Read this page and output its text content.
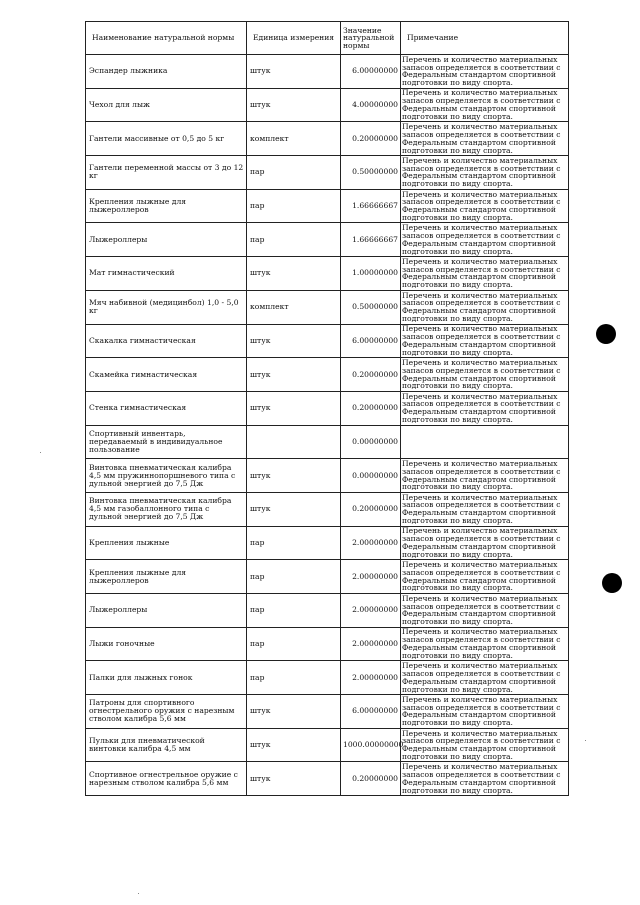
Наименование натуральной нормы	Единица измерения	Значение натуральной нормы	Примечание
Эспандер лыжника	штук	6.00000000	Перечень и количество материальных запасов определяется в соответствии с Федеральным стандартом спортивной подготовки по виду спорта.
Чехол для лыж	штук	4.00000000	Перечень и количество материальных запасов определяется в соответствии с Федеральным стандартом спортивной подготовки по виду спорта.
Гантели массивные от 0,5 до 5 кг	комплект	0.20000000	Перечень и количество материальных запасов определяется в соответствии с Федеральным стандартом спортивной подготовки по виду спорта.
Гантели переменной массы от 3 до 12 кг	пар	0.50000000	Перечень и количество материальных запасов определяется в соответствии с Федеральным стандартом спортивной подготовки по виду спорта.
Крепления лыжные для лыжероллеров	пар	1.66666667	Перечень и количество материальных запасов определяется в соответствии с Федеральным стандартом спортивной подготовки по виду спорта.
Лыжероллеры	пар	1.66666667	Перечень и количество материальных запасов определяется в соответствии с Федеральным стандартом спортивной подготовки по виду спорта.
Мат гимнастический	штук	1.00000000	Перечень и количество материальных запасов определяется в соответствии с Федеральным стандартом спортивной подготовки по виду спорта.
Мяч набивной (медицинбол) 1,0 - 5,0 кг	комплект	0.50000000	Перечень и количество материальных запасов определяется в соответствии с Федеральным стандартом спортивной подготовки по виду спорта.
Скакалка гимнастическая	штук	6.00000000	Перечень и количество материальных запасов определяется в соответствии с Федеральным стандартом спортивной подготовки по виду спорта.
Скамейка гимнастическая	штук	0.20000000	Перечень и количество материальных запасов определяется в соответствии с Федеральным стандартом спортивной подготовки по виду спорта.
Стенка гимнастическая	штук	0.20000000	Перечень и количество материальных запасов определяется в соответствии с Федеральным стандартом спортивной подготовки по виду спорта.
Спортивный инвентарь, передаваемый в индивидуальное пользование		0.00000000	
Винтовка пневматическая калибра 4,5 мм пружиннопоршневого типа с дульной энергией до 7,5 Дж	штук	0.00000000	Перечень и количество материальных запасов определяется в соответствии с Федеральным стандартом спортивной подготовки по виду спорта.
Винтовка пневматическая калибра 4,5 мм газобаллонного типа с дульной энергией до 7,5 Дж	штук	0.20000000	Перечень и количество материальных запасов определяется в соответствии с Федеральным стандартом спортивной подготовки по виду спорта.
Крепления лыжные	пар	2.00000000	Перечень и количество материальных запасов определяется в соответствии с Федеральным стандартом спортивной подготовки по виду спорта.
Крепления лыжные для лыжероллеров	пар	2.00000000	Перечень и количество материальных запасов определяется в соответствии с Федеральным стандартом спортивной подготовки по виду спорта.
Лыжероллеры	пар	2.00000000	Перечень и количество материальных запасов определяется в соответствии с Федеральным стандартом спортивной подготовки по виду спорта.
Лыжи гоночные	пар	2.00000000	Перечень и количество материальных запасов определяется в соответствии с Федеральным стандартом спортивной подготовки по виду спорта.
Палки для лыжных гонок	пар	2.00000000	Перечень и количество материальных запасов определяется в соответствии с Федеральным стандартом спортивной подготовки по виду спорта.
Патроны для спортивного огнестрельного оружия с нарезным стволом калибра 5,6 мм	штук	6.00000000	Перечень и количество материальных запасов определяется в соответствии с Федеральным стандартом спортивной подготовки по виду спорта.
Пульки для пневматической винтовки калибра 4,5 мм	штук	1000.00000000	Перечень и количество материальных запасов определяется в соответствии с Федеральным стандартом спортивной подготовки по виду спорта.
Спортивное огнестрельное оружие с нарезным стволом калибра 5,6 мм	штук	0.20000000	Перечень и количество материальных запасов определяется в соответствии с Федеральным стандартом спортивной подготовки по виду спорта.
